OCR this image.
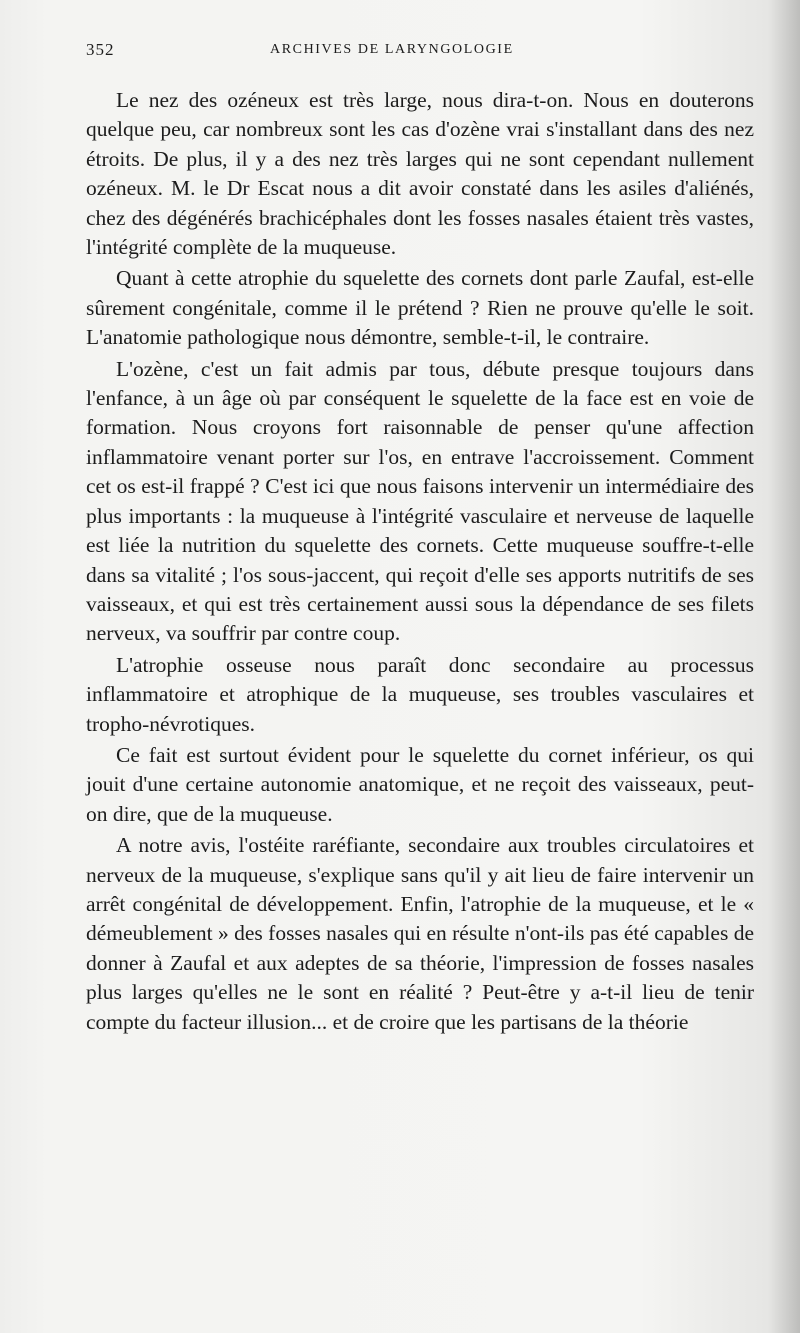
352	ARCHIVES DE LARYNGOLOGIE

Le nez des ozéneux est très large, nous dira-t-on. Nous en douterons quelque peu, car nombreux sont les cas d'ozène vrai s'installant dans des nez étroits. De plus, il y a des nez très larges qui ne sont cependant nullement ozéneux. M. le Dr Escat nous a dit avoir constaté dans les asiles d'aliénés, chez des dégénérés brachicéphales dont les fosses nasales étaient très vastes, l'intégrité complète de la muqueuse.

Quant à cette atrophie du squelette des cornets dont parle Zaufal, est-elle sûrement congénitale, comme il le prétend ? Rien ne prouve qu'elle le soit. L'anatomie pathologique nous démontre, semble-t-il, le contraire.

L'ozène, c'est un fait admis par tous, débute presque toujours dans l'enfance, à un âge où par conséquent le squelette de la face est en voie de formation. Nous croyons fort raisonnable de penser qu'une affection inflammatoire venant porter sur l'os, en entrave l'accroissement. Comment cet os est-il frappé ? C'est ici que nous faisons intervenir un intermédiaire des plus importants : la muqueuse à l'intégrité vasculaire et nerveuse de laquelle est liée la nutrition du squelette des cornets. Cette muqueuse souffre-t-elle dans sa vitalité ; l'os sous-jaccent, qui reçoit d'elle ses apports nutritifs de ses vaisseaux, et qui est très certainement aussi sous la dépendance de ses filets nerveux, va souffrir par contre coup.

L'atrophie osseuse nous paraît donc secondaire au processus inflammatoire et atrophique de la muqueuse, ses troubles vasculaires et tropho-névrotiques.

Ce fait est surtout évident pour le squelette du cornet inférieur, os qui jouit d'une certaine autonomie anatomique, et ne reçoit des vaisseaux, peut-on dire, que de la muqueuse.

A notre avis, l'ostéite raréfiante, secondaire aux troubles circulatoires et nerveux de la muqueuse, s'explique sans qu'il y ait lieu de faire intervenir un arrêt congénital de développement. Enfin, l'atrophie de la muqueuse, et le « démeublement » des fosses nasales qui en résulte n'ont-ils pas été capables de donner à Zaufal et aux adeptes de sa théorie, l'impression de fosses nasales plus larges qu'elles ne le sont en réalité ? Peut-être y a-t-il lieu de tenir compte du facteur illusion... et de croire que les partisans de la théorie
